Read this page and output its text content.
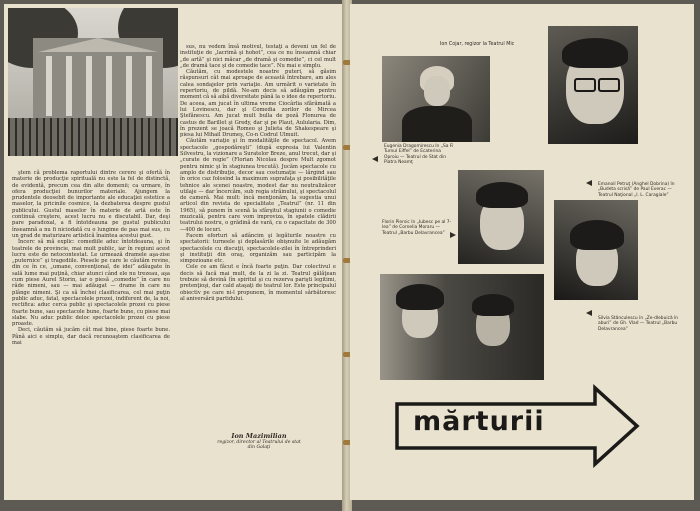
ştem că problema raportului dintre cerere şi ofertă în materie de producţie spirituală nu este la fel de distinctă, de evidentă, precum cea din alte domenii; ca urmare, în ofera producţiei bunurilor materiale. Ajungem la prudentele deosebit de importante ale educaţiei estetice a maselor, la pricinile cosmice, la dezbaterea despre gustul publicului. Gustul maselor în materie de artă este în continuă creştere, acest lucru nu e discutabil. Dar, deşi pare paradoxal, a fi întotdeauna pe gustul publicului înseamnă a nu fi niciodată cu o lungime de pas mai sus, cu un grad de maturizare artistică înaintea acestui gust.

Încerc să mă explic: comediile aduc întotdeauna, şi în teatrele de provincie, mai mult public, iar în regiuni acest lucru este de netocontestat. Le urmează dramele aşa-zise „puternice” şi tragediile. Piesele pe care le căutăm revine, din ce în ce, „umane, convenţional, de idei” adăugate în sală lume mai puţină, chiar atunci când ele nu trezeau, aşa cum piese Aurel Storin, iar o piesă „comedie” în care nu râde nimeni, sau — mai adăugat — drame în care nu plânge nimeni. Şi ca să închei clasificarea, cel mai puţin public aduc, fatal, spectacolele prozei, indiferent de, la noi, rectifica: aduc cerca public şi spectacolele prozei cu piese foarte bune, sau spectacole bune, foarte bune, cu piese mai slabe. Nu aduc public deloc spectacolele prozei cu piese proaste.

Deci, căutăm să jucăm cât mai bine, piese foarte bune. Până aici e simplu, dar dacă recunoaştem clasificarea de mai

sus, nu vedem însă motivul, testaţi a deveni un fel de instituţie de „lacrimă şi hohot”, cea ce nu înseamnă chiar „de artă” şi nici măcar „de dramă şi comedie”, ci cel mult „de dramă tace şi de comedie tace”. Nu mai e simplu.

Căutăm, cu modestele noastre puteri, să găsim răspunsuri cât mai aproape de această întrebare, am ales calea sondajelor prin variaţie. Am urmărit o varietate în repertoriu, de pildă. Ne-am decis să adăugăm pentru moment că să aibă diversitate până la o idee de repertoriu. De aceea, am jucat în ultima vreme Ciocârlia sfărâmată a lui Lovinescu, dar şi Comedia zorilor de Mircea Ştefănescu. Am jucat mult bulla de poză Flonurea de castus de Barillet şi Gredy, dar şi pe Plaut, Aulularia. Dim, în prezent se joacă Romeo şi Julieta de Shakespeare şi piesa lui Mihail Drumeş, Co-n Codrul Ulmuit.

Căutăm variaţie şi în modalităţile de spectacol. Avem spectacole „gospodăreşti” (după expresia lui Valentin Silvestru, la vizionare a Suratelor Breze, anul trecut, dar şi „curate de regie” (Florian Nicolau despre Mult zgomot pentru nimic şi în stagiunea trecută). Jucăm spectacole cu amplo de distribuţie, decor sau costumaţie — lărgind sau în orice caz folosind la maximum suprafaţa şi posibilităţile tehnice ale scenei noastre, modest dar nu neutralizăcor utilaje — dar încercăm, sub regia străinului, şi spectacolul de cameră. Mai mult: încă menţionăm, la sugestia unui articol din revista de specialitate „Teatrul” (nr. 11 din 1965), să punem în scenă la sfârşitul stagiunii o comedie muzicală, pentru care vom improviza, în spatele clădirii teatrului nostru, o grădină de vară, cu o capacitate de 300—400 de locuri.

Facem eforturi să adâncim şi legăturile noastre cu spectatorii: turneele şi deplasările obişnuite le adăugăm spectacolele cu discuţii, spectacolele-zilei în întreprinderi şi instituţii din oraş, organizăm sau participăm la simpozioane etc.

Cele ce am făcut e încă foarte puţin. Dar colectivul e decis să facă mai mult, de la zi la zi. Teatrul gălăţean trebuie să devină (în spiritul şi cu rezerva parişti legitimi, pretenţioşi, dar cald ataşaţi de teatrul lor. Este principalul obiectiv pe care ni-l propunem, în momentul sărbătoresc al aniversării partidului.

Ion Mazimilian
regizor, director al Teatrului de stat
din Galaţi
Ion Cojar, regizor la Teatrul Mic
Eugenia Dragomirescu în „Sa Fi Turnul Eiffel” de Ecaterina Oproiu — Teatrul de Stat din Piatra Neamţ
Emanoil Petruţ (Anghel Dobrina) în „Budeta scrisă” de Paul Everac — Teatrul Naţional „I. L. Caragiale”
Florin Piersic în „Iubesc pe al 7-lea” de Cornelia Moraru — Teatrul „Barbu Delavrancea”
Silvia Stănculescu în „Ze-dlebuică în aburi” de Gh. Vlad — Teatrul „Barbu Delavrancea”
mărturii
